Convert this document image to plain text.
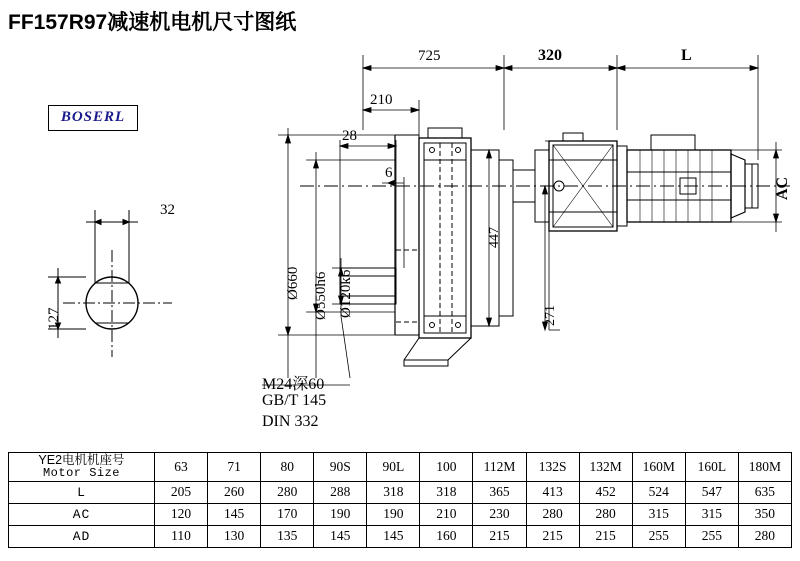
FF157R97减速机电机尺寸图纸
BOSERL
725	320	L
210
28
6
32
127
Ø660 Ø550h6 Ø120k6
447
271
AC
M24深60
GB/T 145
DIN 332
YE2电机机座号
Motor Size	63	71	80	90S	90L	100	112M	132S	132M	160M	160L	180M
L	205	260	280	288	318	318	365	413	452	524	547	635
AC	120	145	170	190	190	210	230	280	280	315	315	350
AD	110	130	135	145	145	160	215	215	215	255	255	280
